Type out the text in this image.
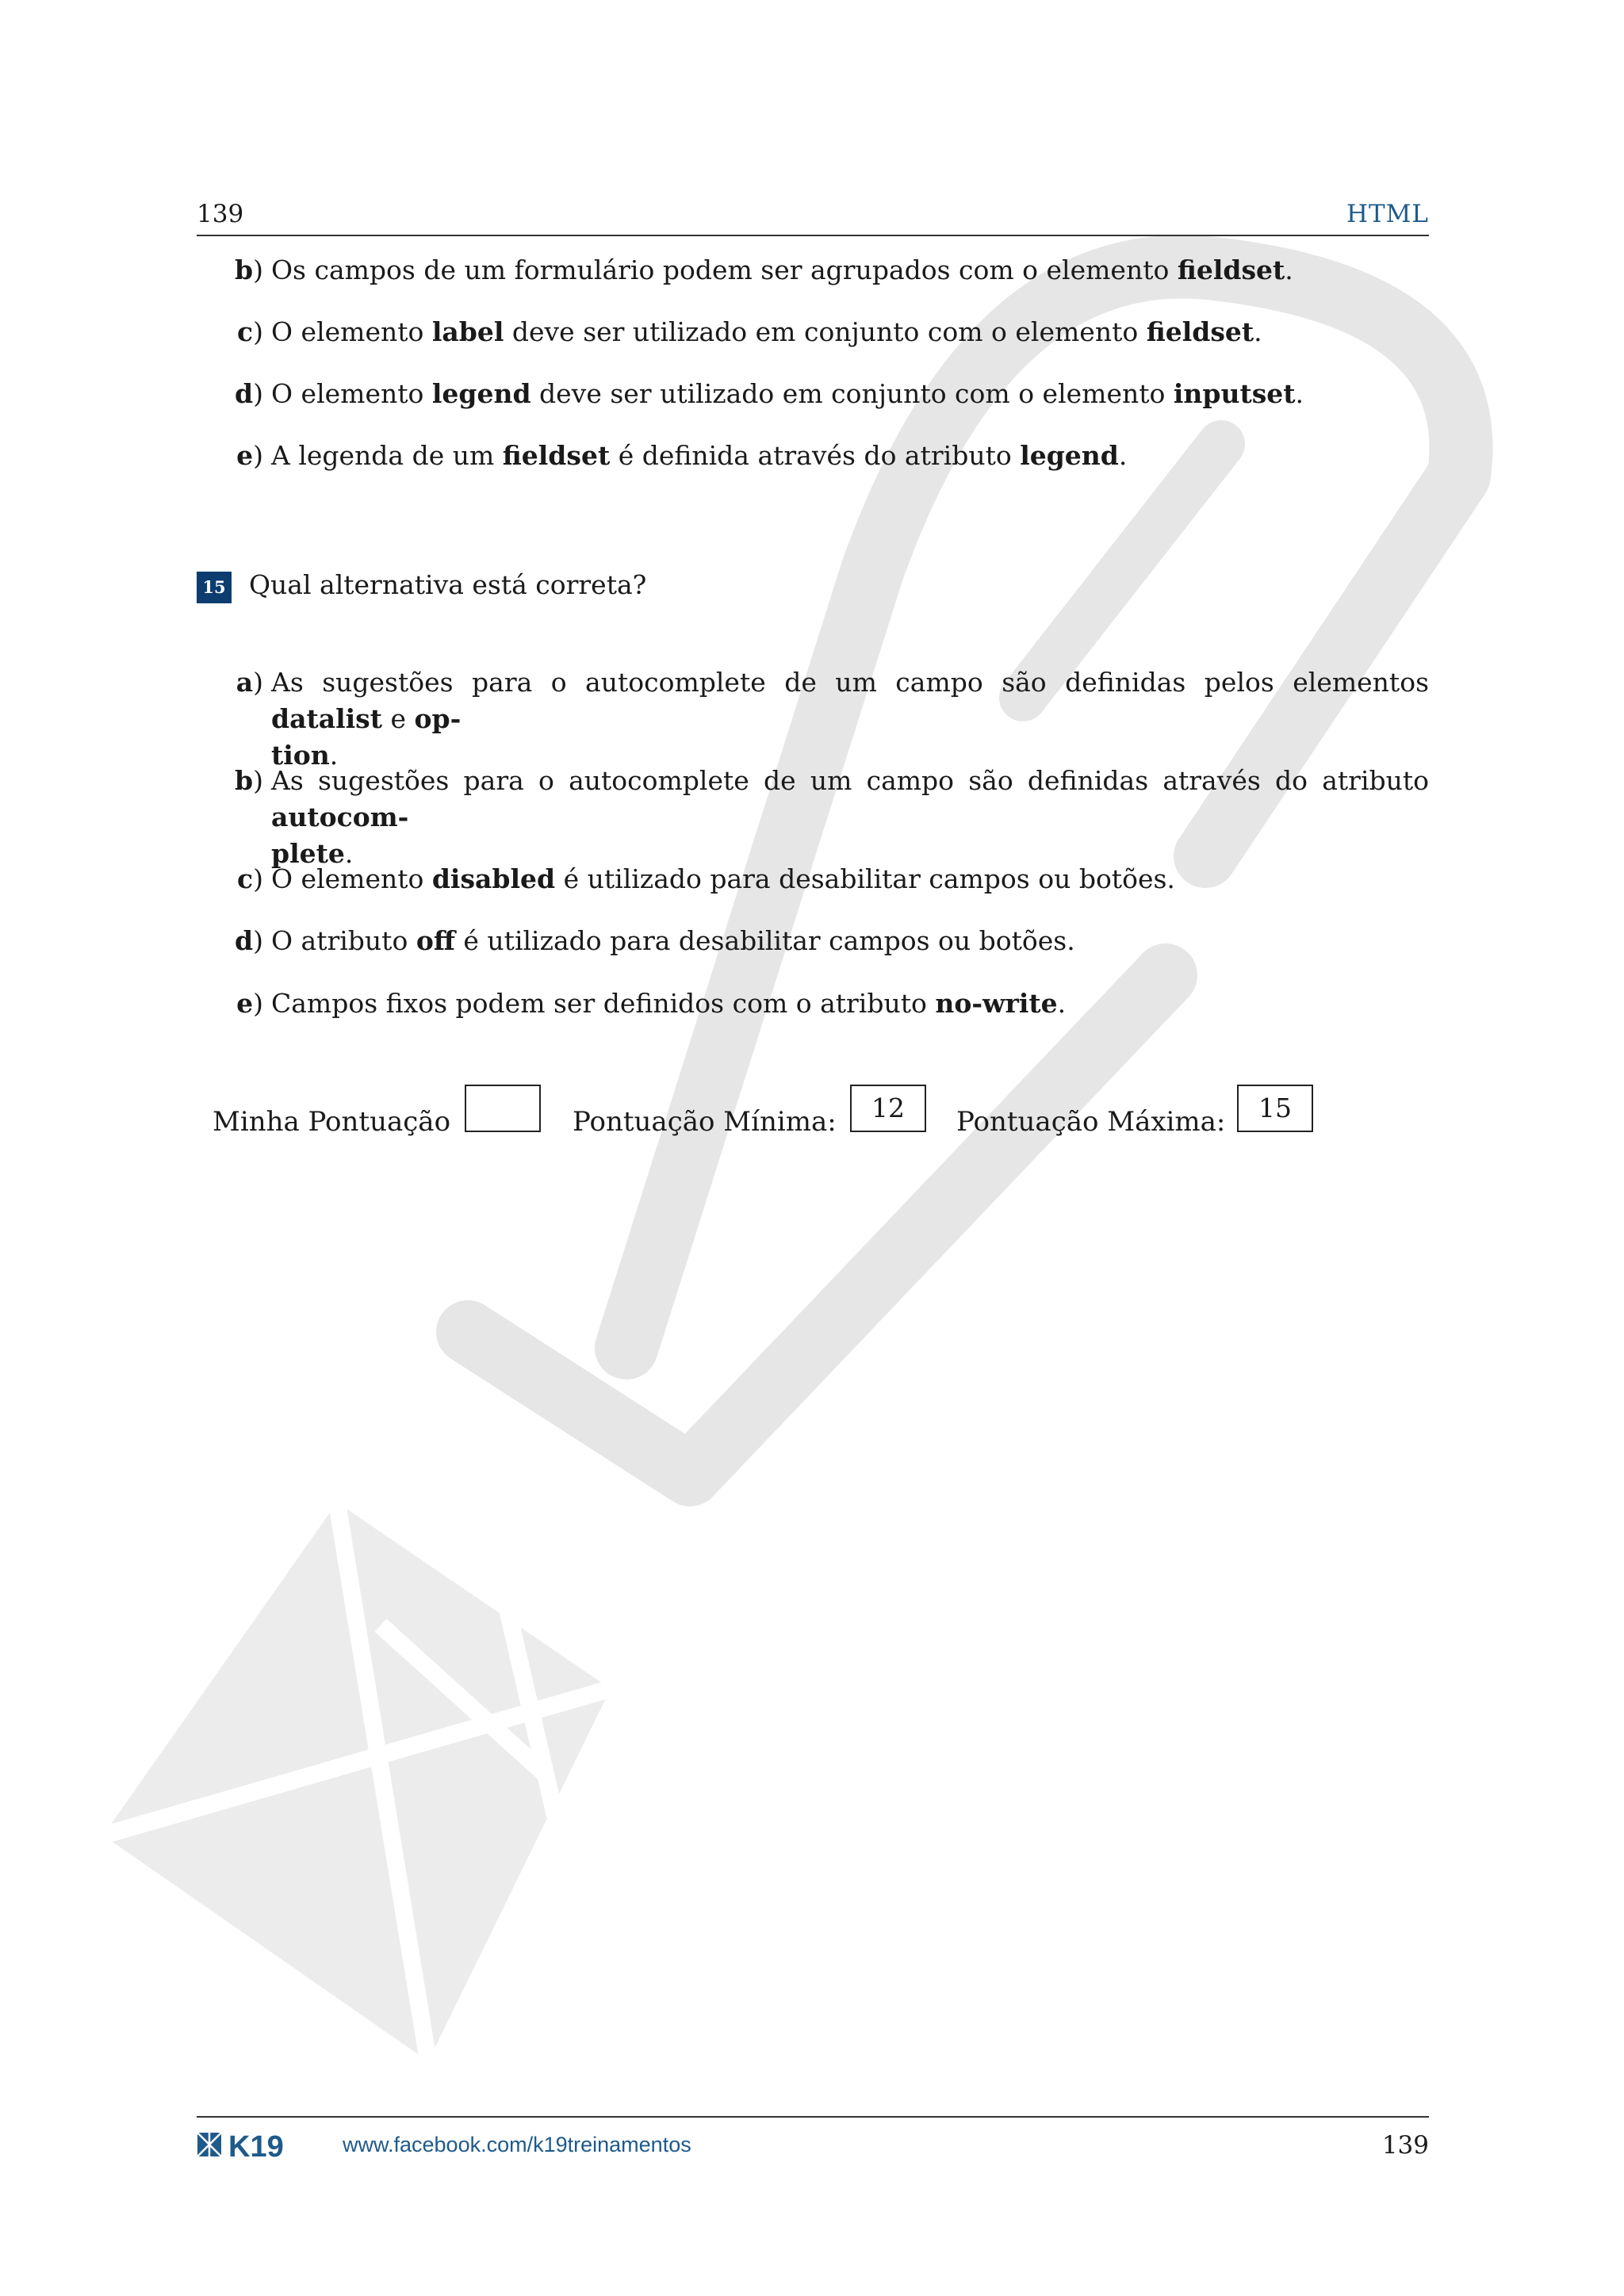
139	HTML
b) Os campos de um formulário podem ser agrupados com o elemento fieldset.
c) O elemento label deve ser utilizado em conjunto com o elemento fieldset.
d) O elemento legend deve ser utilizado em conjunto com o elemento inputset.
e) A legenda de um fieldset é definida através do atributo legend.
15 Qual alternativa está correta?
a) As sugestões para o autocomplete de um campo são definidas pelos elementos datalist e op-
tion.
b) As sugestões para o autocomplete de um campo são definidas através do atributo autocom-
plete.
c) O elemento disabled é utilizado para desabilitar campos ou botões.
d) O atributo off é utilizado para desabilitar campos ou botões.
e) Campos fixos podem ser definidos com o atributo no-write.
Minha Pontuação	Pontuação Mínima:	12	Pontuação Máxima:	15
K19	www.facebook.com/k19treinamentos	139
